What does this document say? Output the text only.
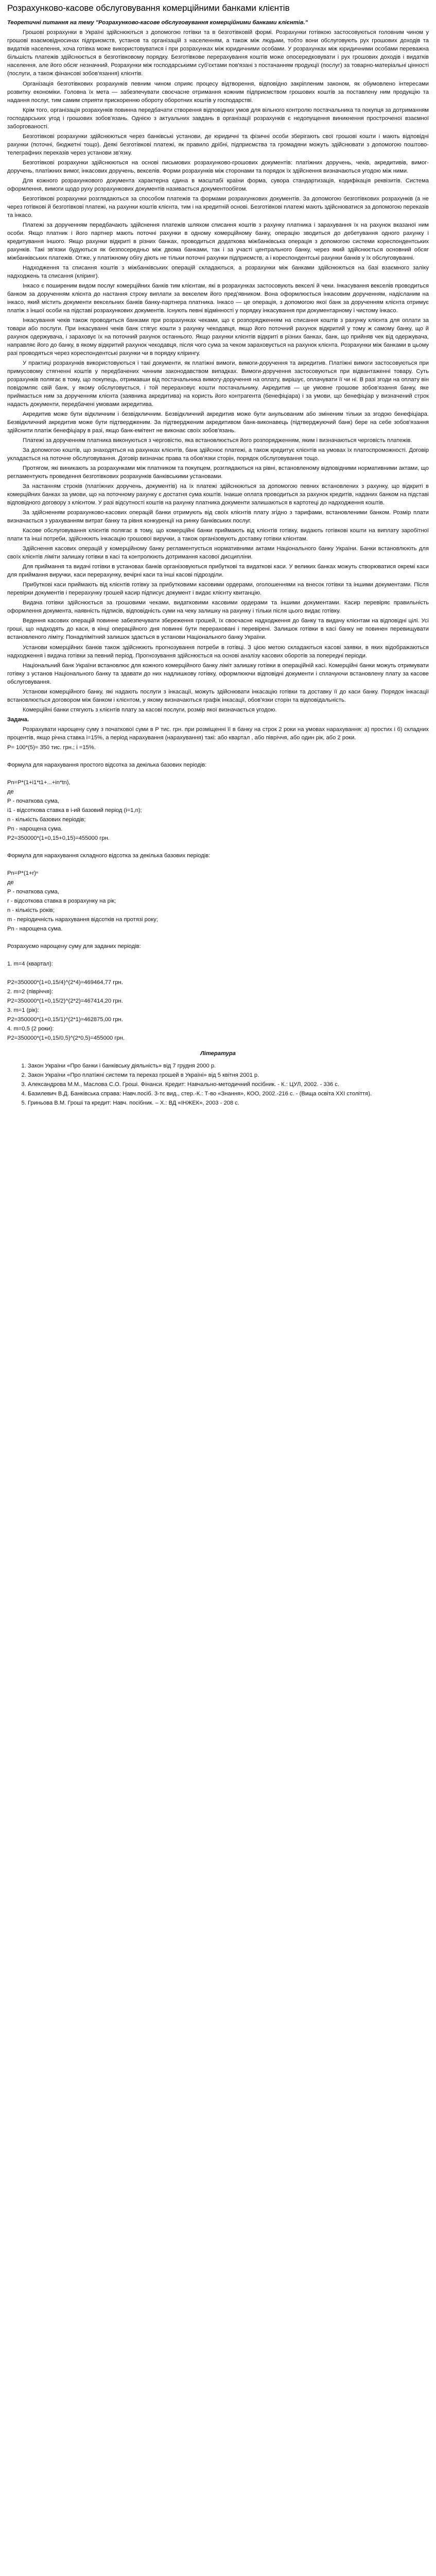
Розрахунково-касове обслуговування комерційними банками клієнтів

Теоретичні питання на тему "Розрахунково-касове обслуговування комерційними банками клієнтів."

Грошові розрахунки в Україні здійснюються з допомогою готівки та в безготівковій формі. Розрахунки готівкою застосовуються головним чином у грошові взаємовідносинах підприємств, установ та організацій з населенням, а також між людьми, тобто вони обслуговують рух грошових доходів та видатків населення, хоча готівка може використовуватися і при розрахунках між юридичними особами. У розрахунках між юридичними особами переважна більшість платежів здійснюється в безготівковому порядку. Безготівкове перерахування коштів може опосередковувати і рух грошових доходів і видатків населення, але його обсяг незначний. Розрахунки між господарськими суб'єктами пов'язані з постачанням продукції (послуг) за товарно-матеріальні цінності (послуги, а також фінансові зобов'язання) клієнтів.

Організація безготівкових розрахунків певним чином сприяє процесу відтворення, відповідно закріпленим законом, як обумовлено інтересами розвитку економіки. Головна їх мета — забезпечувати своєчасне отримання кожним підприємством грошових коштів за поставлену ним продукцію та надання послуг, тим самим сприяти прискоренню обороту оборотних коштів у господарстві.

Крім того, організація розрахунків повинна передбачати створення відповідних умов для вільного контролю постачальника та покупця за дотриманням господарських угод і грошових зобов'язань. Однією з актуальних завдань в організації розрахунків є недопущення виникнення простроченої взаємної заборгованості.

Безготівкові розрахунки здійснюються через банківські установи, де юридичні та фізичні особи зберігають свої грошові кошти і мають відповідні рахунки (поточні, бюджетні тощо). Деякі безготівкові платежі, як правило дрібні, підприємства та громадяни можуть здійснювати з допомогою поштово-телеграфних переказів через установи зв'язку.

Безготівкові розрахунки здійснюються на основі письмових розрахунково-грошових документів: платіжних доручень, чеків, акредитивів, вимог-доручень, платіжних вимог, інкасових доручень, векселів. Форми розрахунків між сторонами та порядок їх здійснення визначаються угодою між ними.

Для кожного розрахункового документа характерна єдина в масштабі країни форма, сувора стандартизація, кодифікація реквізитів. Система оформлення, вимоги щодо руху розрахункових документів називається документообігом.

Безготівкові розрахунки розглядаються за способом платежів та формами розрахункових документів. За допомогою безготівкових розрахунків (а не через готівкові й безготівкові платежі, на рахунки коштів клієнта, тим і на кредитній основі. Безготівкові платежі мають здійснюватися за допомогою переказів та інкасо.

Платежі за дорученням передбачають здійснення платежів шляхом списання коштів з рахунку платника і зарахування їх на рахунок вказаної ним особи. Якщо платник і його партнер мають поточні рахунки в одному комерційному банку, операцію зводиться до дебетування одного рахунку і кредитування іншого. Якщо рахунки відкриті в різних банках, проводиться додаткова міжбанківська операція з допомогою системи кореспондентських рахунків. Такі зв'язки будуються як безпосередньо між двома банками, так і за участі центрального банку, через який здійснюється основний обсяг міжбанківських платежів. Отже, у платіжному обігу діють не тільки поточні рахунки підприємств, а і кореспондентські рахунки банків у їх обслуговуванні.

Надходження та списання коштів з міжбанківських операцій складаються, а розрахунки між банками здійснюються на базі взаємного заліку надходжень та списання (кліринг).

Інкасо є поширеним видом послуг комерційних банків тим клієнтам, які в розрахунках застосовують векселі й чеки. Інкасування векселів проводиться банком за дорученням клієнта до настання строку виплати за векселем його пред'явником. Вона оформлюється інкасовим дорученням, надісланим на інкасо, який містить документи вексельних банків банку-партнера платника. Інкасо — це операція, з допомогою якої банк за дорученням клієнта отримує платіж з іншої особи на підставі розрахункових документів. Існують певні відмінності у порядку інкасування при документарному і чистому інкасо.

Інкасування чеків також проводиться банками при розрахунках чеками, що є розпорядженням на списання коштів з рахунку клієнта для оплати за товари або послуги. При інкасуванні чеків банк стягує кошти з рахунку чекодавця, якщо його поточний рахунок відкритий у тому ж самому банку, що й рахунок одержувача, і зараховує їх на поточний рахунок останнього. Якщо рахунки клієнтів відкриті в різних банках, банк, що прийняв чек від одержувача, направляє його до банку, в якому відкритий рахунок чекодавця, після чого сума за чеком зараховується на рахунок клієнта. Розрахунки між банками в цьому разі проводяться через кореспондентські рахунки чи в порядку клірингу.

У практиці розрахунків використовуються і такі документи, як платіжні вимоги, вимоги-доручення та акредитив. Платіжні вимоги застосовуються при примусовому стягненні коштів у передбачених чинним законодавством випадках. Вимоги-доручення застосовуються при відвантаженні товару. Суть розрахунків полягає в тому, що покупець, отримавши від постачальника вимогу-доручення на оплату, вирішує, оплачувати її чи ні. В разі згоди на оплату він повідомляє свій банк, у якому обслуговується, і той перераховує кошти постачальнику. Акредитив — це умовне грошове зобов'язання банку, яке приймається ним за дорученням клієнта (заявника акредитива) на користь його контрагента (бенефіціара) і за умови, що бенефіціар у визначений строк надасть документи, передбачені умовами акредитива.

Акредитив може бути відкличним і безвідкличним. Безвідкличний акредитив може бути анульованим або зміненим тільки за згодою бенефіціара. Безвідкличний акредитив може бути підтвердженим. За підтвердженим акредитивом банк-виконавець (підтверджуючий банк) бере на себе зобов'язання здійснити платіж бенефіціару в разі, якщо банк-емітент не виконає своїх зобов'язань.

Платежі за дорученням платника виконуються з черговістю, яка встановлюється його розпорядженням, яким і визначаються черговість платежів.

За допомогою коштів, що знаходяться на рахунках клієнтів, банк здійснює платежі, а також кредитує клієнтів на умовах їх платоспроможності. Договір укладається на поточне обслуговування. Договір визначає права та обов'язки сторін, порядок обслуговування тощо.

Протягом, які виникають за розрахунками між платником та покупцем, розглядаються на рівні, встановленому відповідними нормативними актами, що регламентують проведення безготівкових розрахунків банківськими установами.

За настанням строків (платіжних доручень, документів) на їх платежі здійснюються за допомогою певних встановлених з рахунку, що відкриті в комерційних банках за умови, що на поточному рахунку є достатня сума коштів. Інакше оплата проводиться за рахунок кредитів, наданих банком на підставі відповідного договору з клієнтом. У разі відсутності коштів на рахунку платника документи залишаються в картотеці до надходження коштів.

За здійсненням розрахунково-касових операцій банки отримують від своїх клієнтів плату згідно з тарифами, встановленими банком. Розмір плати визначається з урахуванням витрат банку та рівня конкуренції на ринку банківських послуг.

Касове обслуговування клієнтів полягає в тому, що комерційні банки приймають від клієнтів готівку, видають готівкові кошти на виплату заробітної плати та інші потреби, здійснюють інкасацію грошової виручки, а також організовують доставку готівки клієнтам.

Здійснення касових операцій у комерційному банку регламентується нормативними актами Національного банку України. Банки встановлюють для своїх клієнтів ліміти залишку готівки в касі та контролюють дотримання касової дисципліни.

Для приймання та видачі готівки в установах банків організовуються прибуткові та видаткові каси. У великих банках можуть створюватися окремі каси для приймання виручки, каси перерахунку, вечірні каси та інші касові підрозділи.

Прибуткові каси приймають від клієнтів готівку за прибутковими касовими ордерами, оголошеннями на внесок готівки та іншими документами. Після перевірки документів і перерахунку грошей касир підписує документ і видає клієнту квитанцію.

Видача готівки здійснюється за грошовими чеками, видатковими касовими ордерами та іншими документами. Касир перевіряє правильність оформлення документа, наявність підписів, відповідність суми на чеку залишку на рахунку і тільки після цього видає готівку.

Ведення касових операцій повинне забезпечувати збереження грошей, їх своєчасне надходження до банку та видачу клієнтам на відповідні цілі. Усі гроші, що надходять до каси, в кінці операційного дня повинні бути перераховані і перевірені. Залишок готівки в касі банку не повинен перевищувати встановленого ліміту. Понадлімітний залишок здається в установи Національного банку України.

Установи комерційних банків також здійснюють прогнозування потреби в готівці. З цією метою складаються касові заявки, в яких відображаються надходження і видача готівки за певний період. Прогнозування здійснюється на основі аналізу касових оборотів за попередні періоди.

Національний банк України встановлює для кожного комерційного банку ліміт залишку готівки в операційній касі. Комерційні банки можуть отримувати готівку з установ Національного банку та здавати до них надлишкову готівку, оформлюючи відповідні документи і сплачуючи встановлену плату за касове обслуговування.

Установи комерційного банку, які надають послуги з інкасації, можуть здійснювати інкасацію готівки та доставку її до каси банку. Порядок інкасації встановлюється договором між банком і клієнтом, у якому визначаються графік інкасації, обов'язки сторін та відповідальність.

Комерційні банки стягують з клієнтів плату за касові послуги, розмір якої визначається угодою.

Задача.

Розрахувати нарощену суму з початкової суми в Р тис. грн. при розміщенні її в банку на строк 2 роки на умовах нарахування: а) простих і б) складних процентів, якщо річна ставка і=15%, а період нарахування (нарахування) такі: або квартал , або півріччя, або один рік, або 2 роки.

Р= 100*(5)= 350 тис. грн.; і =15%.

Формула для нарахування простого відсотка за декілька базових періодів:

Рn=P*(1+i1*t1+...+in*tn),

де

Р - початкова сума,

і1 - відсоткова ставка в і-ий базовий період (і=1,n);

n - кількість базових періодів;

Рn - нарощена сума.

Р2=350000*(1+0,15+0,15)=455000 грн.

Формула для нарахування складного відсотка за декілька базових періодів:

Рn=P*(1+r)ⁿ

де

Р - початкова сума,

r - відсоткова ставка в розрахунку на рік;

n - кількість років;

m - періодичність нарахування відсотків на протязі року;

Рn - нарощена сума.

Розрахуємо нарощену суму для заданих періодів:

1. m=4 (квартал):

P2=350000*(1+0,15/4)^(2*4)=469464,77 грн.

2. m=2 (півріччя):

P2=350000*(1+0,15/2)^(2*2)=467414,20 грн.

3. m=1 (рік):

P2=350000*(1+0,15/1)^(2*1)=462875,00 грн.

4. m=0,5 (2 роки):

P2=350000*(1+0,15/0,5)^(2*0,5)=455000 грн.

Література

1. Закон України «Про банки і банківську діяльність» від 7 грудня 2000 р.
2. Закон України «Про платіжні системи та переказ грошей в Україні» від 5 квітня 2001 р.
3. Александрова М.М., Маслова С.О. Гроші. Фінанси. Кредит: Навчально-методичний посібник. - К.: ЦУЛ, 2002. - 336 с.
4. Базилевич В.Д. Банківська справа: Навч.посіб. 3-тє вид., стер.-К.: Т-во «Знання», КОО, 2002.-216 с. - (Вища освіта XXI століття).
5. Гриньова В.М. Гроші та кредит: Навч. посібник. – X.: ВД «ІНЖЕК», 2003 - 208 с.
